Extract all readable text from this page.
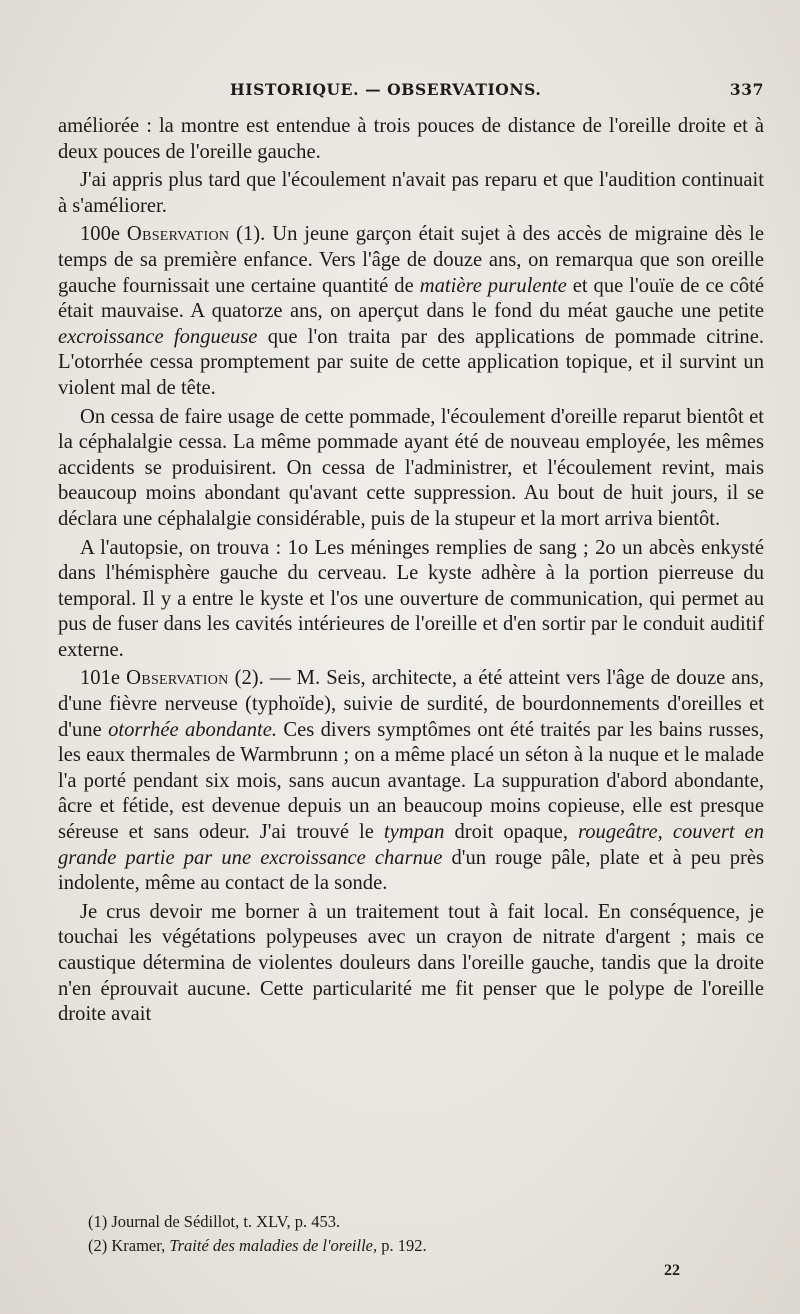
HISTORIQUE. — OBSERVATIONS.	337

améliorée : la montre est entendue à trois pouces de distance de l'oreille droite et à deux pouces de l'oreille gauche.

J'ai appris plus tard que l'écoulement n'avait pas reparu et que l'audition continuait à s'améliorer.

100e Observation (1). Un jeune garçon était sujet à des accès de migraine dès le temps de sa première enfance. Vers l'âge de douze ans, on remarqua que son oreille gauche fournissait une certaine quantité de matière purulente et que l'ouïe de ce côté était mauvaise. A quatorze ans, on aperçut dans le fond du méat gauche une petite excroissance fongueuse que l'on traita par des applications de pommade citrine. L'otorrhée cessa promptement par suite de cette application topique, et il survint un violent mal de tête.

On cessa de faire usage de cette pommade, l'écoulement d'oreille reparut bientôt et la céphalalgie cessa. La même pommade ayant été de nouveau employée, les mêmes accidents se produisirent. On cessa de l'administrer, et l'écoulement revint, mais beaucoup moins abondant qu'avant cette suppression. Au bout de huit jours, il se déclara une céphalalgie considérable, puis de la stupeur et la mort arriva bientôt.

A l'autopsie, on trouva : 1o Les méninges remplies de sang ; 2o un abcès enkysté dans l'hémisphère gauche du cerveau. Le kyste adhère à la portion pierreuse du temporal. Il y a entre le kyste et l'os une ouverture de communication, qui permet au pus de fuser dans les cavités intérieures de l'oreille et d'en sortir par le conduit auditif externe.

101e Observation (2). — M. Seis, architecte, a été atteint vers l'âge de douze ans, d'une fièvre nerveuse (typhoïde), suivie de surdité, de bourdonnements d'oreilles et d'une otorrhée abondante. Ces divers symptômes ont été traités par les bains russes, les eaux thermales de Warmbrunn ; on a même placé un séton à la nuque et le malade l'a porté pendant six mois, sans aucun avantage. La suppuration d'abord abondante, âcre et fétide, est devenue depuis un an beaucoup moins copieuse, elle est presque séreuse et sans odeur. J'ai trouvé le tympan droit opaque, rougeâtre, couvert en grande partie par une excroissance charnue d'un rouge pâle, plate et à peu près indolente, même au contact de la sonde.

Je crus devoir me borner à un traitement tout à fait local. En conséquence, je touchai les végétations polypeuses avec un crayon de nitrate d'argent ; mais ce caustique détermina de violentes douleurs dans l'oreille gauche, tandis que la droite n'en éprouvait aucune. Cette particularité me fit penser que le polype de l'oreille droite avait

(1) Journal de Sédillot, t. XLV, p. 453.
(2) Kramer, Traité des maladies de l'oreille, p. 192.
22
